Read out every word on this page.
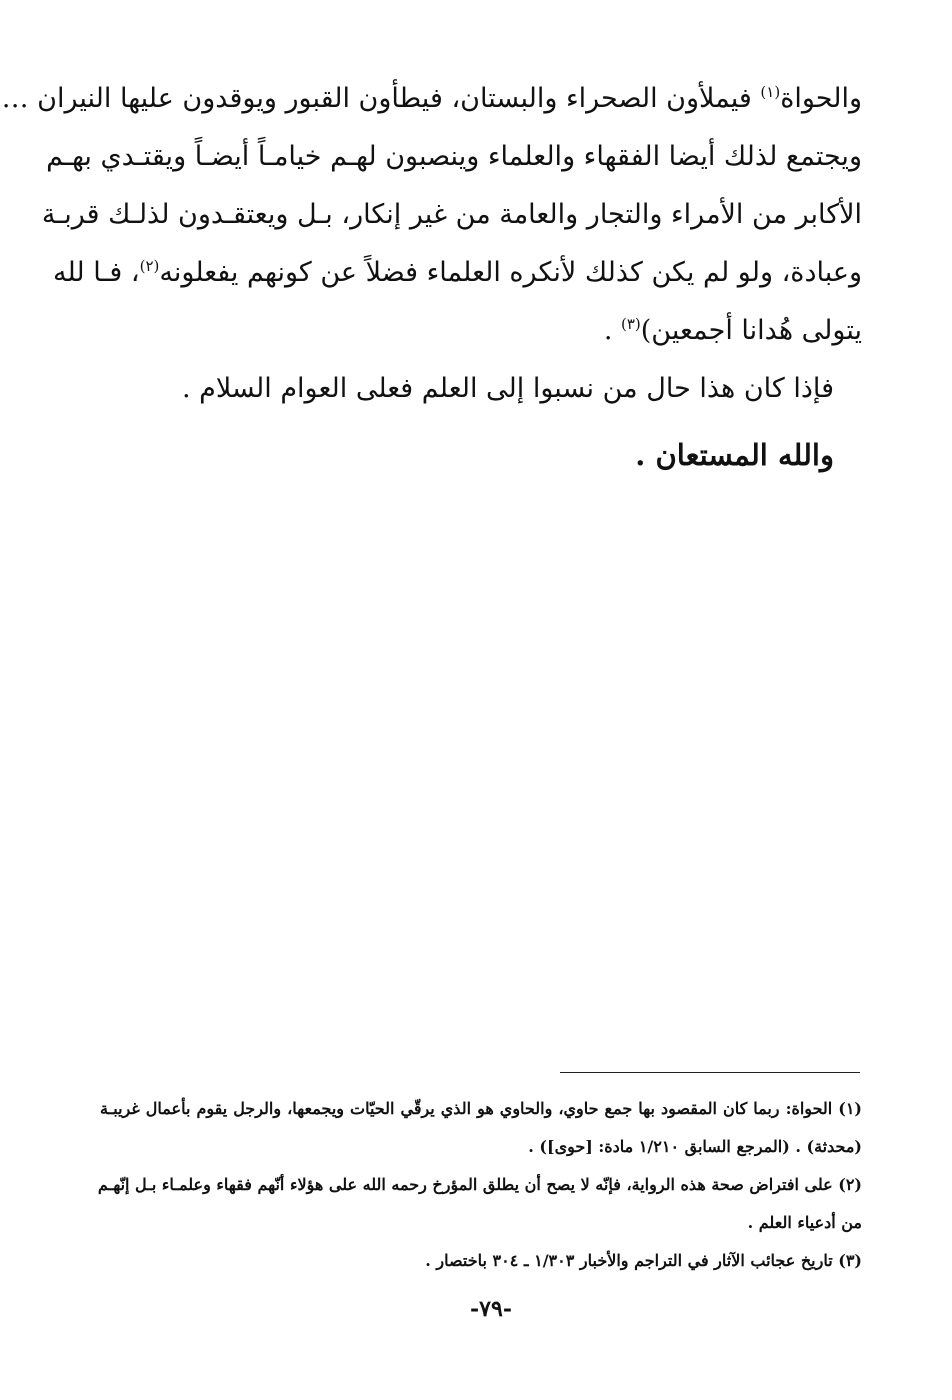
والحواة$^{(١)}$ فيملأون الصحراء والبستان، فيطأون القبور ويوقدون عليها النيران …
ويجتمع لذلك أيضا الفقهاء والعلماء وينصبون لهـم خيامـاً أيضـاً ويقتـدي بهـم
الأكابر من الأمراء والتجار والعامة من غير إنكار، بـل ويعتقـدون لذلـك قربـة
وعبادة، ولو لم يكن كذلك لأنكره العلماء فضلاً عن كونهم يفعلونه$^{(٢)}$، فـا لله
يتولى هُدانا أجمعين)$^{(٣)}$ .
فإذا كان هذا حال من نسبوا إلى العلم فعلى العوام السلام .
والله المستعان .
(١) الحواة: ربما كان المقصود بها جمع حاوي، والحاوي هو الذي يرقّي الحيّات ويجمعها، والرجل يقوم بأعمال غريبـة
(محدثة) . (المرجع السابق ١/٢١٠ مادة: [حوى]) .
(٢) على افتراض صحة هذه الرواية، فإنّه لا يصح أن يطلق المؤرخ رحمه الله على هؤلاء أنّهم فقهاء وعلمـاء بـل إنّهـم
من أدعياء العلم .
(٣) تاريخ عجائب الآثار في التراجم والأخبار ١/٣٠٣ ـ ٣٠٤ باختصار .
-٧٩-
